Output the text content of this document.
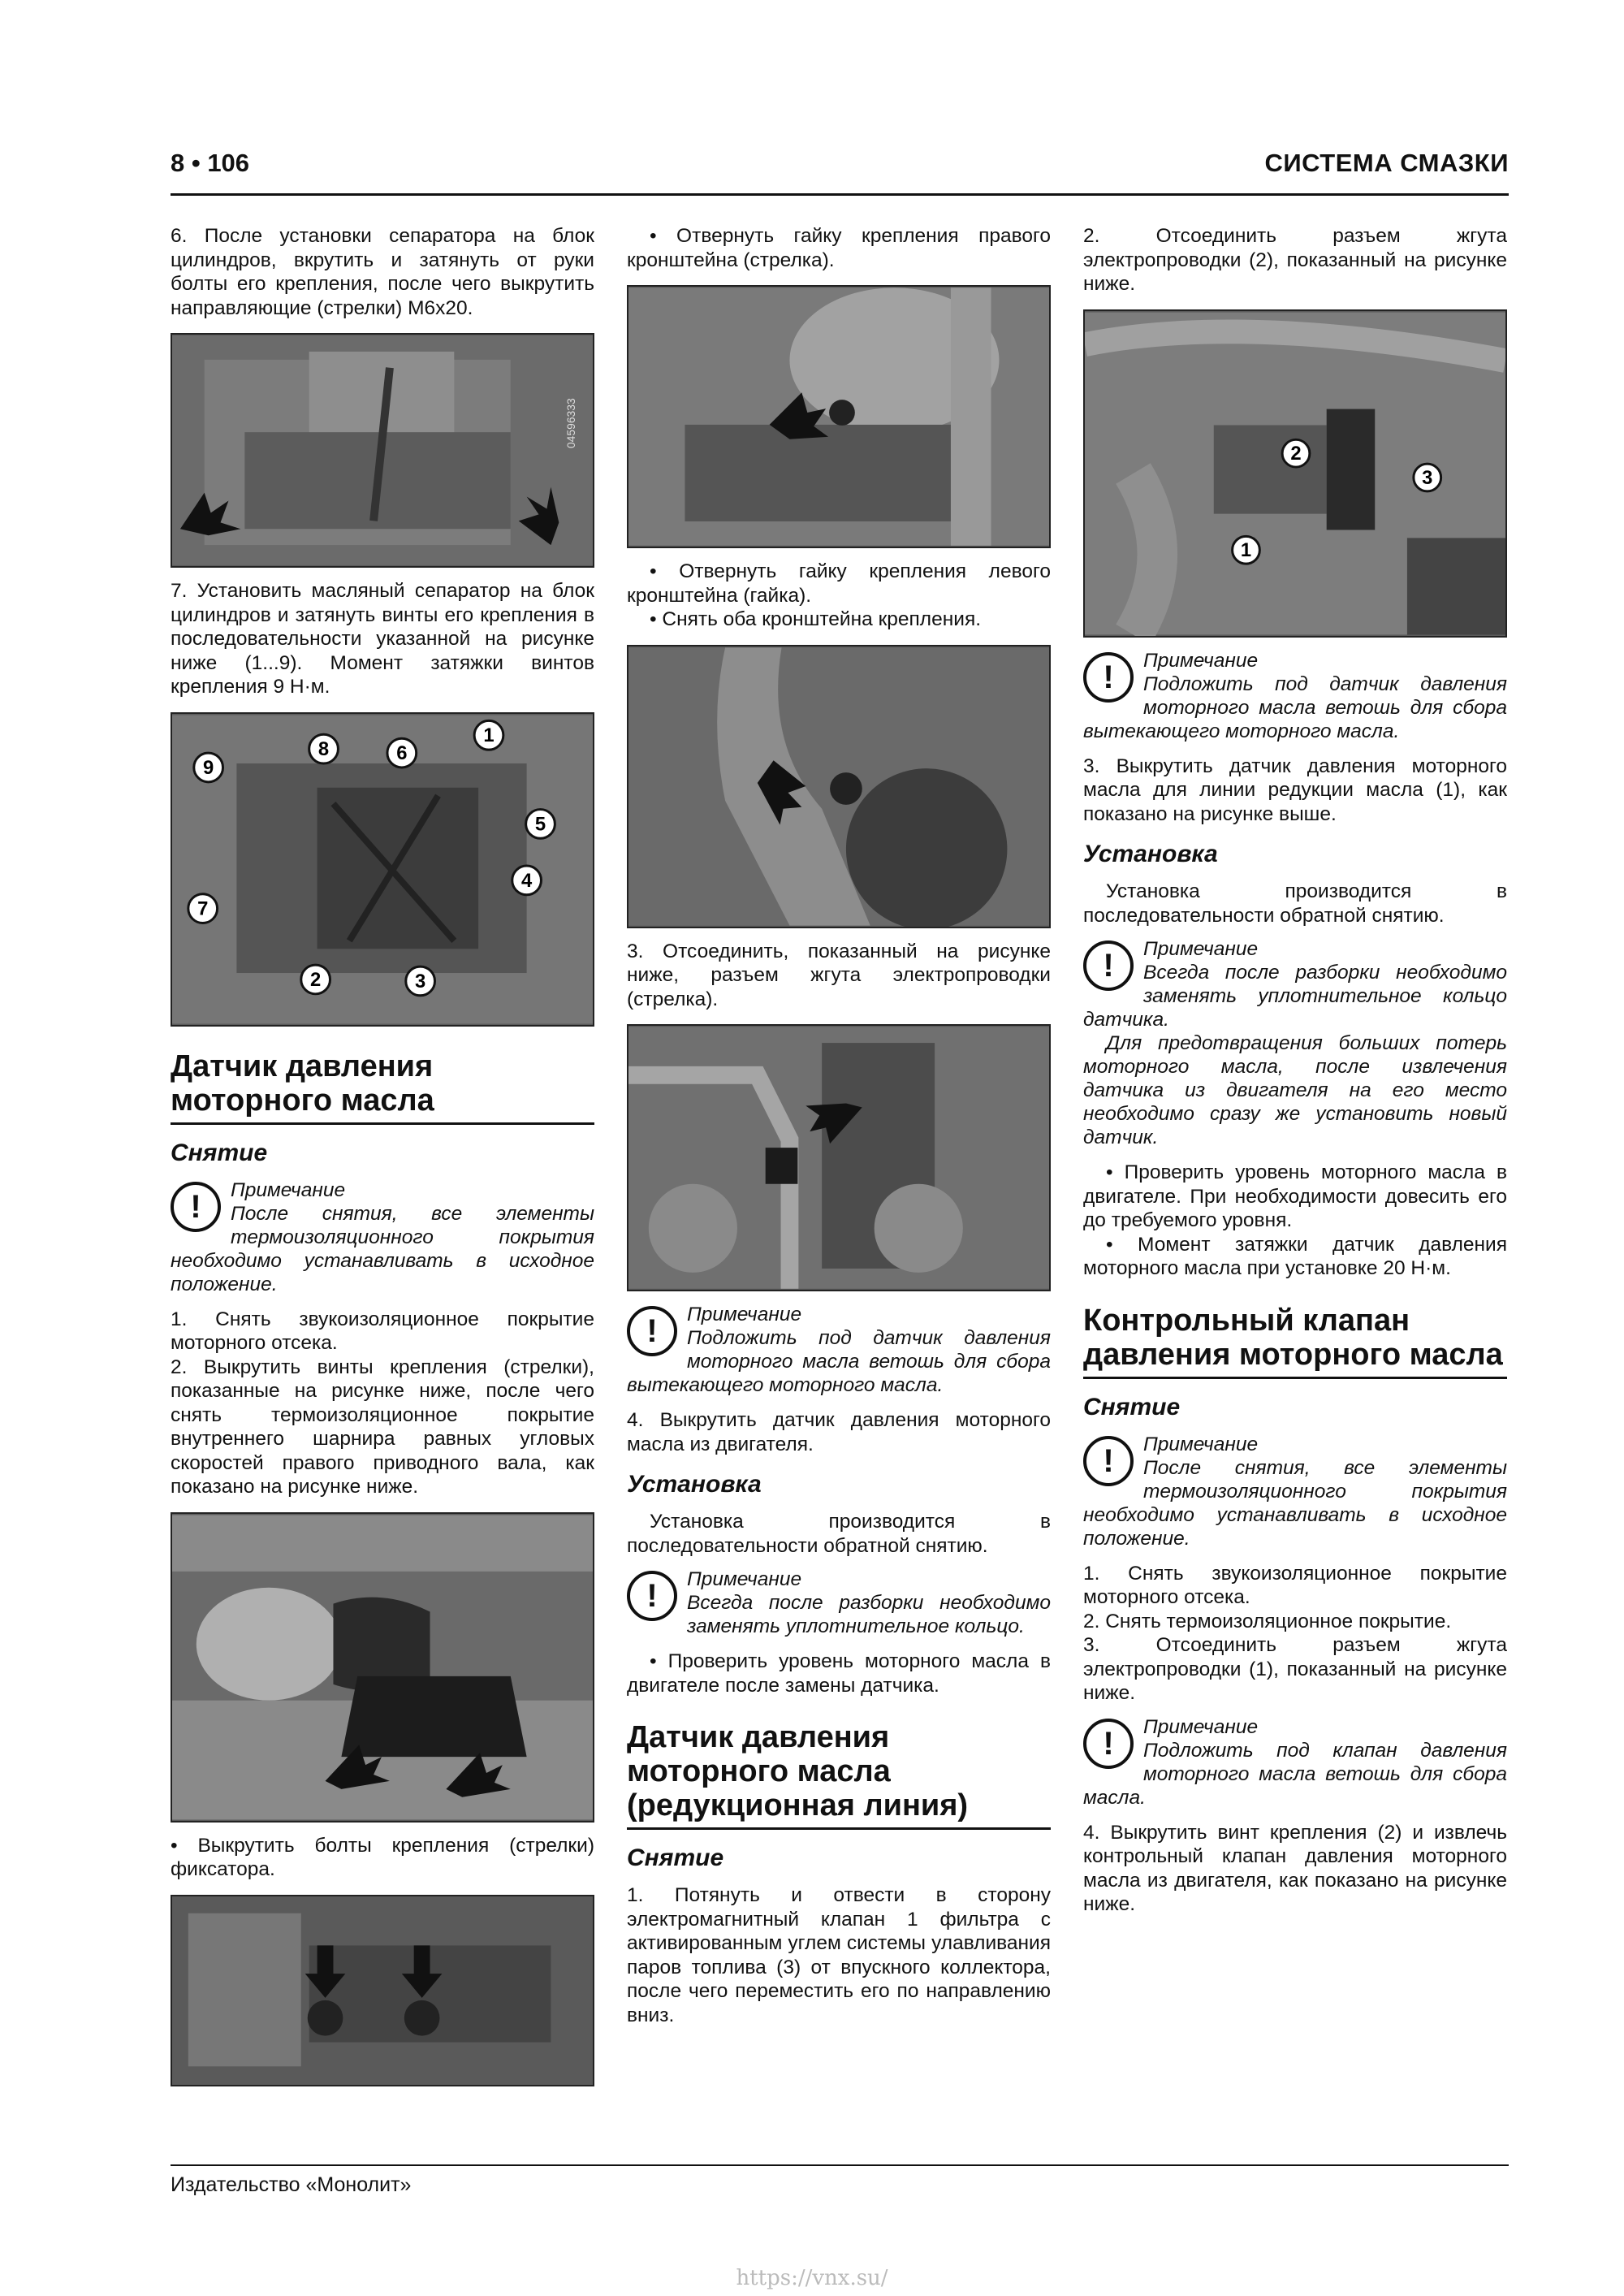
8 • 106	СИСТЕМА СМАЗКИ

6. После установки сепаратора на блок цилиндров, вкрутить и затянуть от руки болты его крепления, после чего выкрутить направляющие (стрелки) М6х20.

04596333

7. Установить масляный сепаратор на блок цилиндров и затянуть винты его крепления в последовательности указанной на рисунке ниже (1...9). Момент затяжки винтов крепления 9 Н·м.

1
2	3
4
5
6
7
8
9
Датчик давления моторного масла
Снятие
!	Примечание
После снятия, все элементы термоизоляционного покрытия необходимо устанавливать в исходное положение.

1. Снять звукоизоляционное покрытие моторного отсека.

2. Выкрутить винты крепления (стрелки), показанные на рисунке ниже, после чего снять термоизоляционное покрытие внутреннего шарнира равных угловых скоростей правого приводного вала, как показано на рисунке ниже.

• Выкрутить болты крепления (стрелки) фиксатора.

• Отвернуть гайку крепления правого кронштейна (стрелка).

• Отвернуть гайку крепления левого кронштейна (гайка).

• Снять оба кронштейна крепления.

3. Отсоединить, показанный на рисунке ниже, разъем жгута электропроводки (стрелка).

!	Примечание
Подложить под датчик давления моторного масла ветошь для сбора вытекающего моторного масла.

4. Выкрутить датчик давления моторного масла из двигателя.

Установка

Установка производится в последовательности обратной снятию.

!	Примечание
Всегда после разборки необходимо заменять уплотнительное кольцо.

• Проверить уровень моторного масла в двигателе после замены датчика.

Датчик давления моторного масла (редукционная линия)
Снятие

1. Потянуть и отвести в сторону электромагнитный клапан 1 фильтра с активированным углем системы улавливания паров топлива (3) от впускного коллектора, после чего переместить его по направлению вниз.

2. Отсоединить разъем жгута электропроводки (2), показанный на рисунке ниже.

1
2
3
!	Примечание
Подложить под датчик давления моторного масла ветошь для сбора вытекающего моторного масла.

3. Выкрутить датчик давления моторного масла для линии редукции масла (1), как показано на рисунке выше.

Установка

Установка производится в последовательности обратной снятию.

!	Примечание
Всегда после разборки необходимо заменять уплотнительное кольцо датчика.
Для предотвращения больших потерь моторного масла, после извлечения датчика из двигателя на его место необходимо сразу же установить новый датчик.

• Проверить уровень моторного масла в двигателе. При необходимости довесить его до требуемого уровня.

• Момент затяжки датчик давления моторного масла при установке 20 Н·м.

Контрольный клапан давления моторного масла
Снятие
!	Примечание
После снятия, все элементы термоизоляционного покрытия необходимо устанавливать в исходное положение.

1. Снять звукоизоляционное покрытие моторного отсека.

2. Снять термоизоляционное покрытие.

3. Отсоединить разъем жгута электропроводки (1), показанный на рисунке ниже.

!	Примечание
Подложить под клапан давления моторного масла ветошь для сбора масла.

4. Выкрутить винт крепления (2) и извлечь контрольный клапан давления моторного масла из двигателя, как показано на рисунке ниже.

Издательство «Монолит»
https://vnx.su/
